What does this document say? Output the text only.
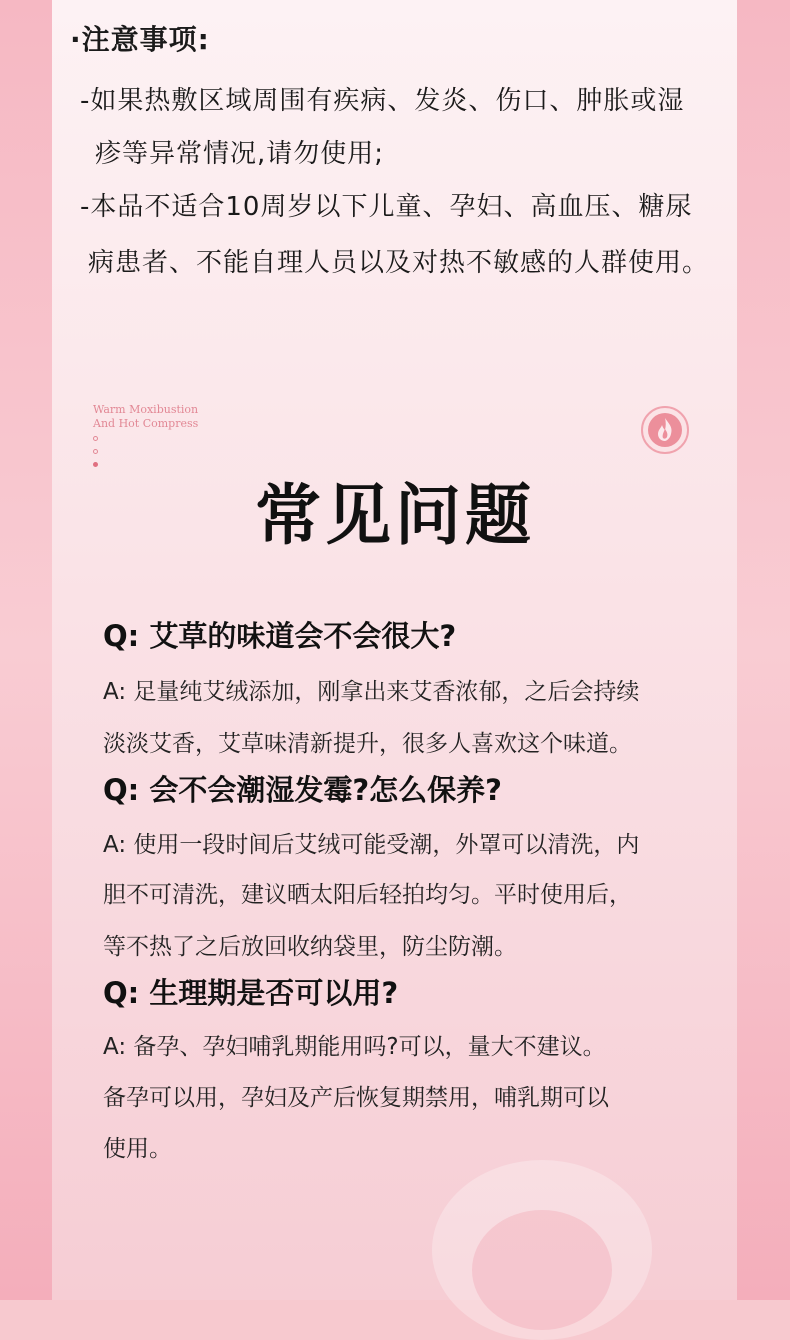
·注意事项:
-如果热敷区域周围有疾病、发炎、伤口、肿胀或湿
疹等异常情况,请勿使用;
-本品不适合10周岁以下儿童、孕妇、高血压、糖尿
病患者、不能自理人员以及对热不敏感的人群使用。
Warm Moxibustion
And Hot Compress
常见问题
Q: 艾草的味道会不会很大?
A: 足量纯艾绒添加，刚拿出来艾香浓郁，之后会持续
淡淡艾香，艾草味清新提升，很多人喜欢这个味道。
Q: 会不会潮湿发霉?怎么保养?
A: 使用一段时间后艾绒可能受潮，外罩可以清洗，内
胆不可清洗，建议晒太阳后轻拍均匀。平时使用后，
等不热了之后放回收纳袋里，防尘防潮。
Q: 生理期是否可以用?
A: 备孕、孕妇哺乳期能用吗?可以，量大不建议。
备孕可以用，孕妇及产后恢复期禁用，哺乳期可以
使用。
